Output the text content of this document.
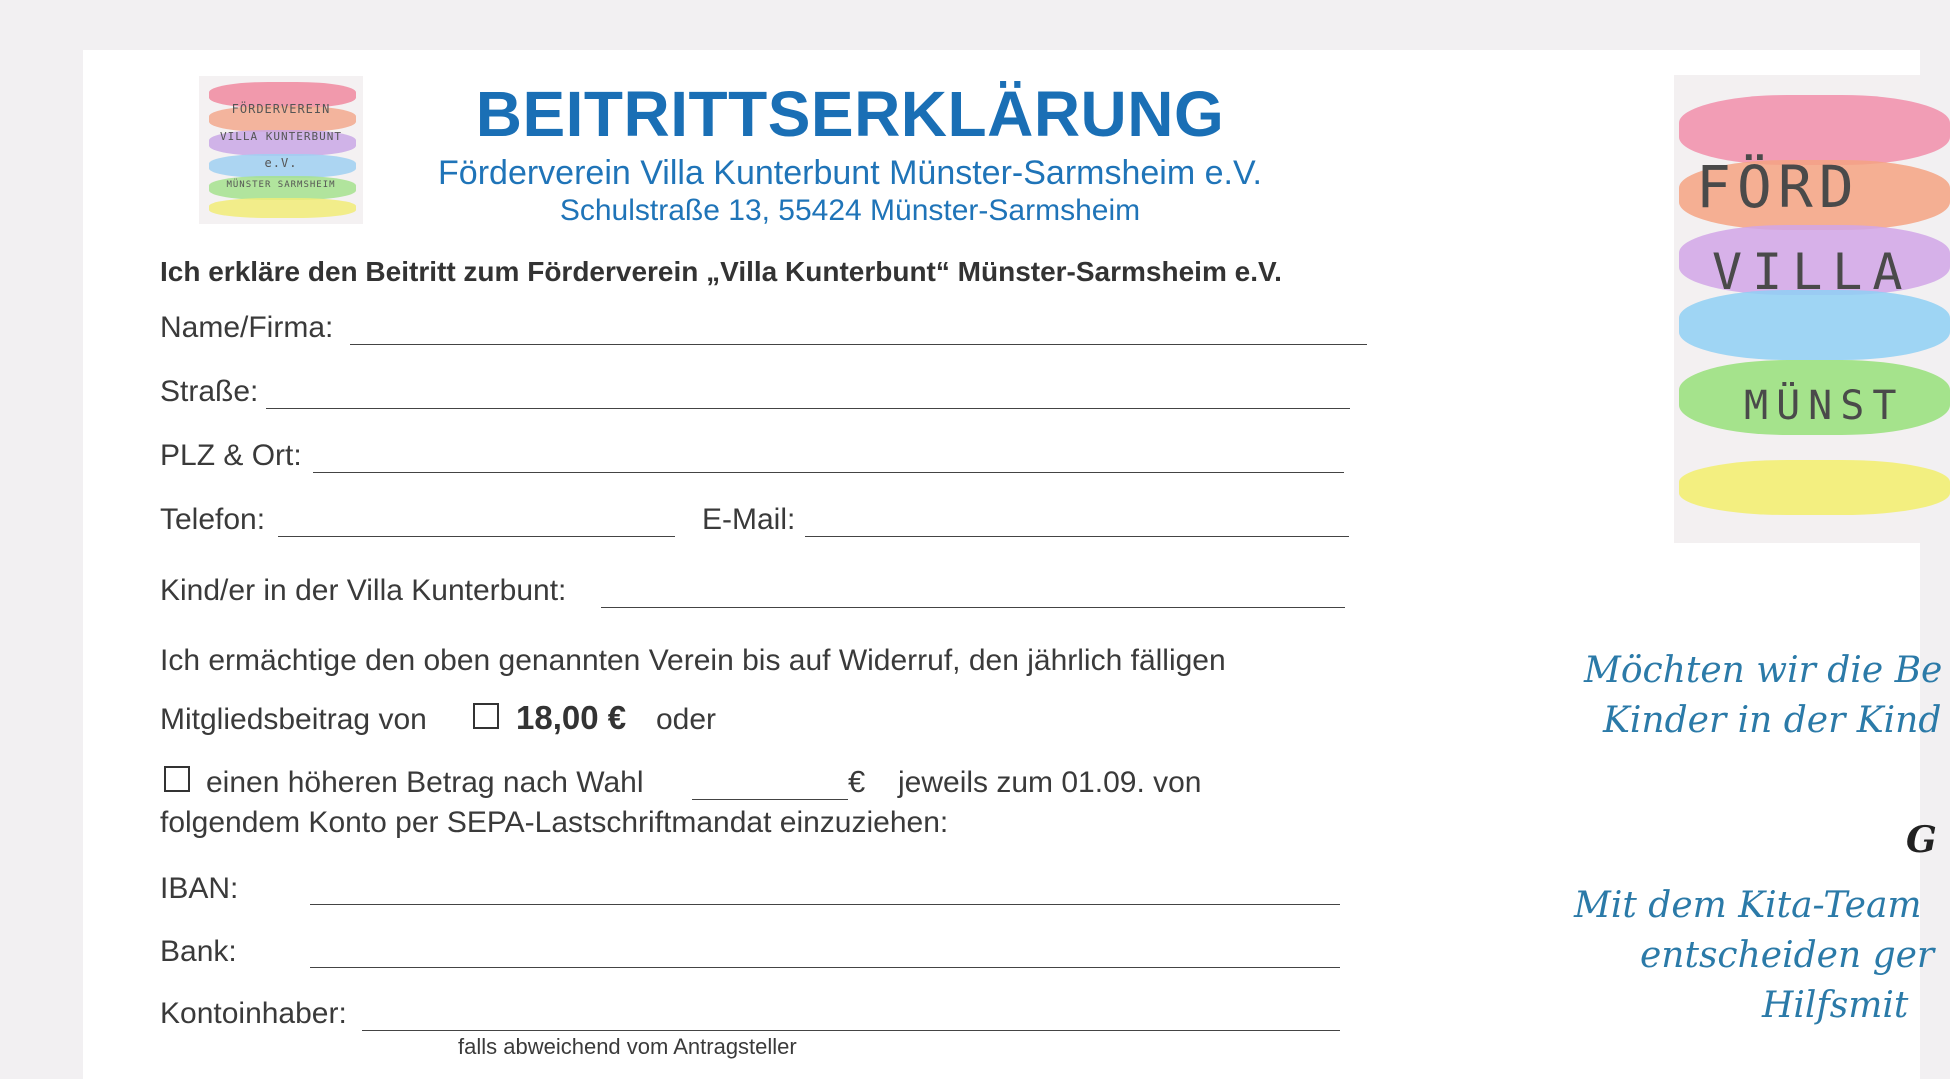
FÖRDERVEREIN
VILLA KUNTERBUNT
e.V.
MÜNSTER SARMSHEIM
BEITRITTSERKLÄRUNG
Förderverein Villa Kunterbunt Münster-Sarmsheim e.V.
Schulstraße 13, 55424 Münster-Sarmsheim
Ich erkläre den Beitritt zum Förderverein „Villa Kunterbunt“ Münster-Sarmsheim e.V.
Name/Firma:
Straße:
PLZ & Ort:
Telefon:	E-Mail:
Kind/er in der Villa Kunterbunt:
Ich ermächtige den oben genannten Verein bis auf Widerruf, den jährlich fälligen
Mitgliedsbeitrag von	18,00 € oder
einen höheren Betrag nach Wahl	€ jeweils zum 01.09. von
folgendem Konto per SEPA-Lastschriftmandat einzuziehen:
IBAN:
Bank:
Kontoinhaber:
falls abweichend vom Antragsteller
FÖRD
VILLA
MÜNST
Möchten wir die Be
Kinder in der Kind
G
Mit dem Kita-Team
entscheiden ger
Hilfsmit
